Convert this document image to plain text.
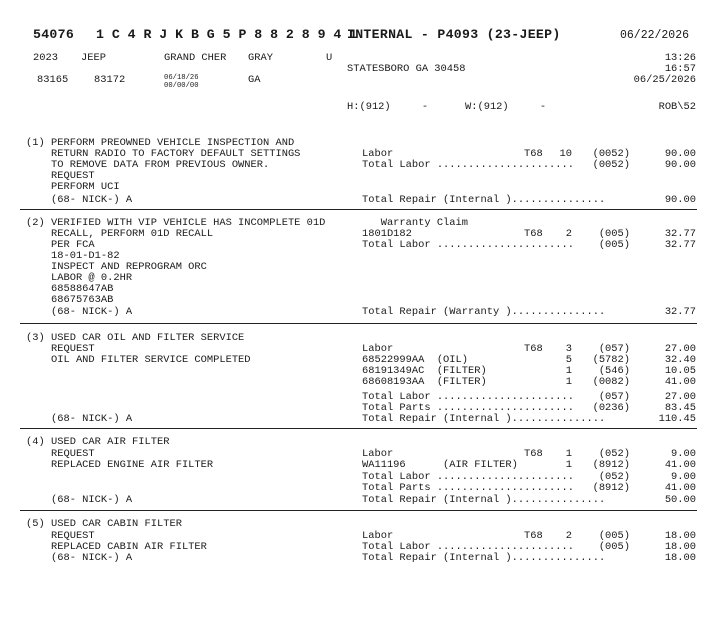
54076 1 C 4 R J K B G 5 P 8 8 2 8 9 4 1
INTERNAL - P4093 (23-JEEP)	06/22/2026
2023 JEEP	GRAND CHER GRAY	U	13:26
16:57
06/25/2026
STATESBORO GA 30458
83165 83172	06/18/26
00/00/00	GA
H:(912)     -	W:(912)     -	ROB\52
(1) PERFORM PREOWNED VEHICLE INSPECTION AND
RETURN RADIO TO FACTORY DEFAULT SETTINGS
TO REMOVE DATA FROM PREVIOUS OWNER.
REQUEST
PERFORM UCI
(68- NICK-) A
Labor	T68	10	(0052)	90.00
Total Labor ......................	(0052)	90.00
Total Repair (Internal )...............	90.00
(2) VERIFIED WITH VIP VEHICLE HAS INCOMPLETE 01D
RECALL, PERFORM 01D RECALL
PER FCA
18-01-D1-82
INSPECT AND REPROGRAM ORC
LABOR @ 0.2HR
68588647AB
68675763AB
(68- NICK-) A
Warranty Claim
1801D182	T68	2	(005)	32.77
Total Labor ......................	(005)	32.77
Total Repair (Warranty )...............	32.77
(3) USED CAR OIL AND FILTER SERVICE
REQUEST
OIL AND FILTER SERVICE COMPLETED
(68- NICK-) A
Labor	T68	3	(057)	27.00
68522999AA  (OIL)	5	(5782)	32.40
68191349AC  (FILTER)	1	(546)	10.05
68608193AA  (FILTER)	1	(0082)	41.00
Total Labor ......................	(057)	27.00
Total Parts ......................	(0236)	83.45
Total Repair (Internal )...............	110.45
(4) USED CAR AIR FILTER
REQUEST
REPLACED ENGINE AIR FILTER
(68- NICK-) A
Labor	T68	1	(052)	9.00
WA11196      (AIR FILTER)	1	(8912)	41.00
Total Labor ......................	(052)	9.00
Total Parts ......................	(8912)	41.00
Total Repair (Internal )...............	50.00
(5) USED CAR CABIN FILTER
REQUEST
REPLACED CABIN AIR FILTER
(68- NICK-) A
Labor	T68	2	(005)	18.00
Total Labor ......................	(005)	18.00
Total Repair (Internal )...............	18.00
